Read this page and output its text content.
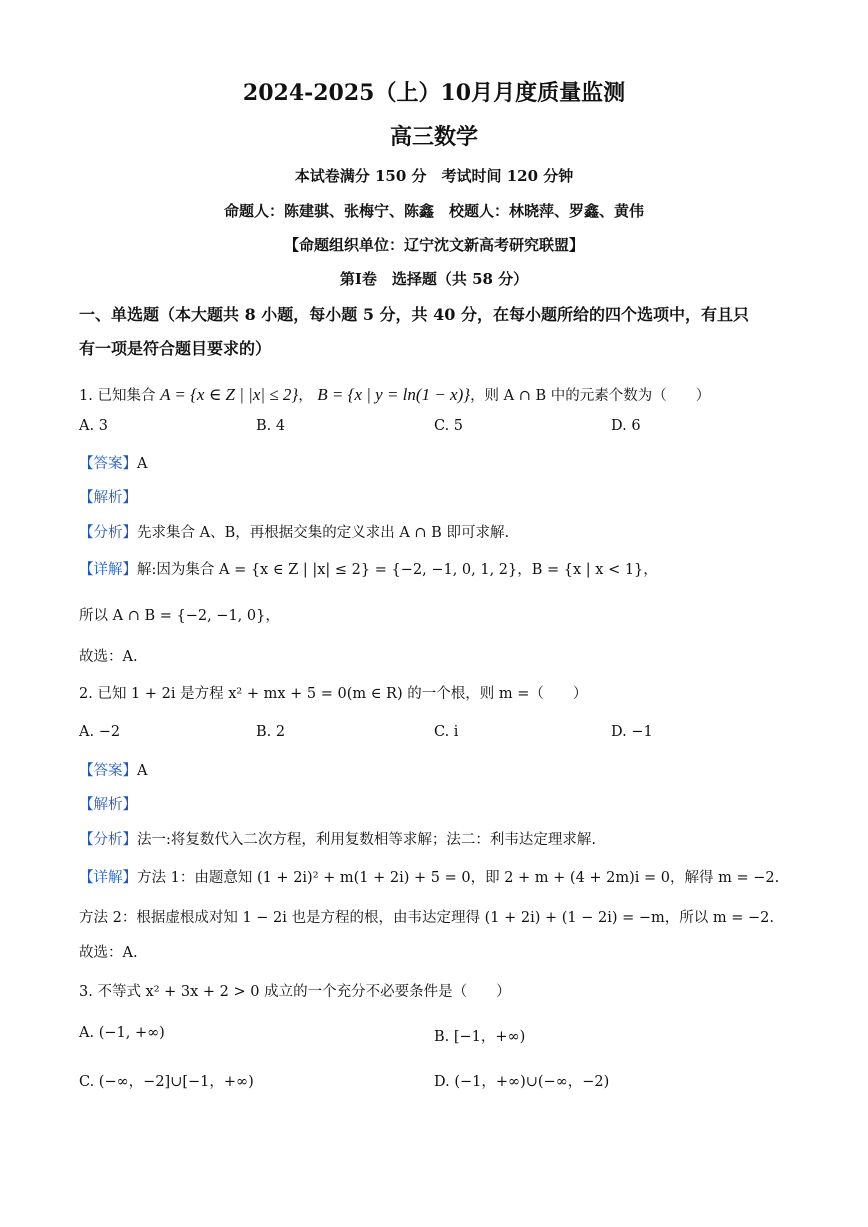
2024-2025（上）10月月度质量监测
高三数学
本试卷满分 150 分　考试时间 120 分钟
命题人：陈建骐、张梅宁、陈鑫　校题人：林晓萍、罗鑫、黄伟
【命题组织单位：辽宁沈文新高考研究联盟】
第Ⅰ卷　选择题（共 58 分）
一、单选题（本大题共 8 小题，每小题 5 分，共 40 分，在每小题所给的四个选项中，有且只
有一项是符合题目要求的）
1. 已知集合 A = {x ∈ Z | |x| ≤ 2}， B = {x | y = ln(1 − x)}，则 A ∩ B 中的元素个数为（　　）
A. 3	B. 4	C. 5	D. 6
【答案】A
【解析】
【分析】先求集合 A、B，再根据交集的定义求出 A ∩ B 即可求解.
【详解】解:因为集合 A = {x ∈ Z | |x| ≤ 2} = {−2, −1, 0, 1, 2}，B = {x | x < 1}，
所以 A ∩ B = {−2, −1, 0}，
故选：A.
2. 已知 1 + 2i 是方程 x² + mx + 5 = 0(m ∈ R) 的一个根，则 m =（　　）
A. −2	B. 2	C. i	D. −1
【答案】A
【解析】
【分析】法一:将复数代入二次方程，利用复数相等求解；法二：利韦达定理求解.
【详解】方法 1：由题意知 (1 + 2i)² + m(1 + 2i) + 5 = 0，即 2 + m + (4 + 2m)i = 0，解得 m = −2.
方法 2：根据虚根成对知 1 − 2i 也是方程的根，由韦达定理得 (1 + 2i) + (1 − 2i) = −m，所以 m = −2.
故选：A.
3. 不等式 x² + 3x + 2 > 0 成立的一个充分不必要条件是（　　）
A. (−1, +∞)	B. [−1，+∞)
C. (−∞，−2]∪[−1，+∞)	D. (−1，+∞)∪(−∞，−2)
